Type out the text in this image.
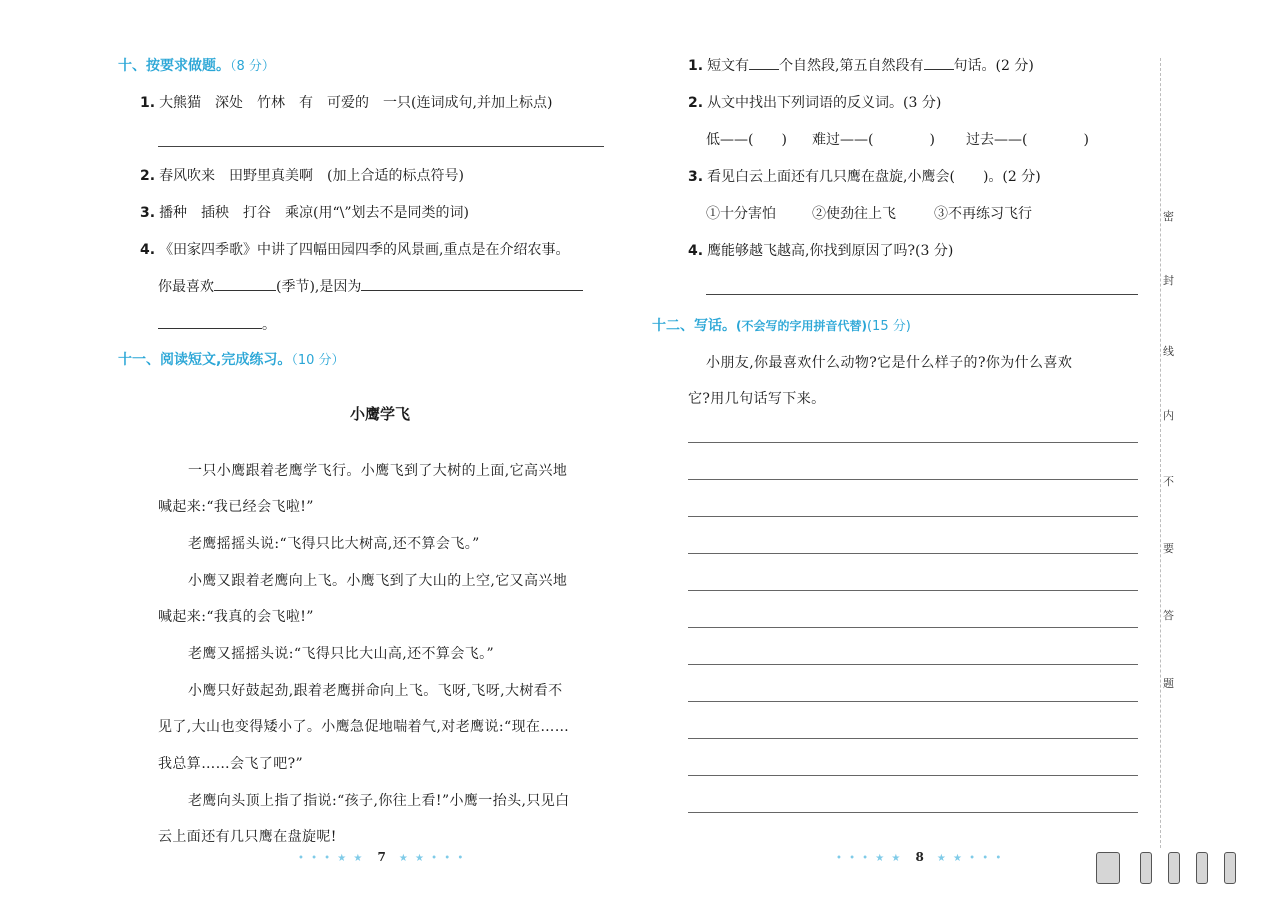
十、按要求做题。（8 分）
1. 大熊猫　深处　竹林　有　可爱的　一只(连词成句,并加上标点)
2. 春风吹来　田野里真美啊　(加上合适的标点符号)
3. 播种　插秧　打谷　乘凉(用“\”划去不是同类的词)
4. 《田家四季歌》中讲了四幅田园四季的风景画,重点是在介绍农事。
你最喜欢	(季节),是因为
。
十一、阅读短文,完成练习。（10 分）
小鹰学飞
一只小鹰跟着老鹰学飞行。小鹰飞到了大树的上面,它高兴地
喊起来:“我已经会飞啦!”
老鹰摇摇头说:“飞得只比大树高,还不算会飞。”
小鹰又跟着老鹰向上飞。小鹰飞到了大山的上空,它又高兴地
喊起来:“我真的会飞啦!”
老鹰又摇摇头说:“飞得只比大山高,还不算会飞。”
小鹰只好鼓起劲,跟着老鹰拼命向上飞。飞呀,飞呀,大树看不
见了,大山也变得矮小了。小鹰急促地喘着气,对老鹰说:“现在……
我总算……会飞了吧?”
老鹰向头顶上指了指说:“孩子,你往上看!”小鹰一抬头,只见白
云上面还有几只鹰在盘旋呢!
• • • ★ ★ 7 ★ ★ • • •
1. 短文有 个自然段,第五自然段有 句话。(2 分)
2. 从文中找出下列词语的反义词。(3 分)
低——(　　) 难过——(　　　　) 过去——(　　　　)
3. 看见白云上面还有几只鹰在盘旋,小鹰会(　　)。(2 分)
①十分害怕	②使劲往上飞	③不再练习飞行
4. 鹰能够越飞越高,你找到原因了吗?(3 分)
十二、写话。(不会写的字用拼音代替)(15 分)
小朋友,你最喜欢什么动物?它是什么样子的?你为什么喜欢
它?用几句话写下来。
• • • ★ ★ 8 ★ ★ • • •
密
封
线
内
不
要
答
题
